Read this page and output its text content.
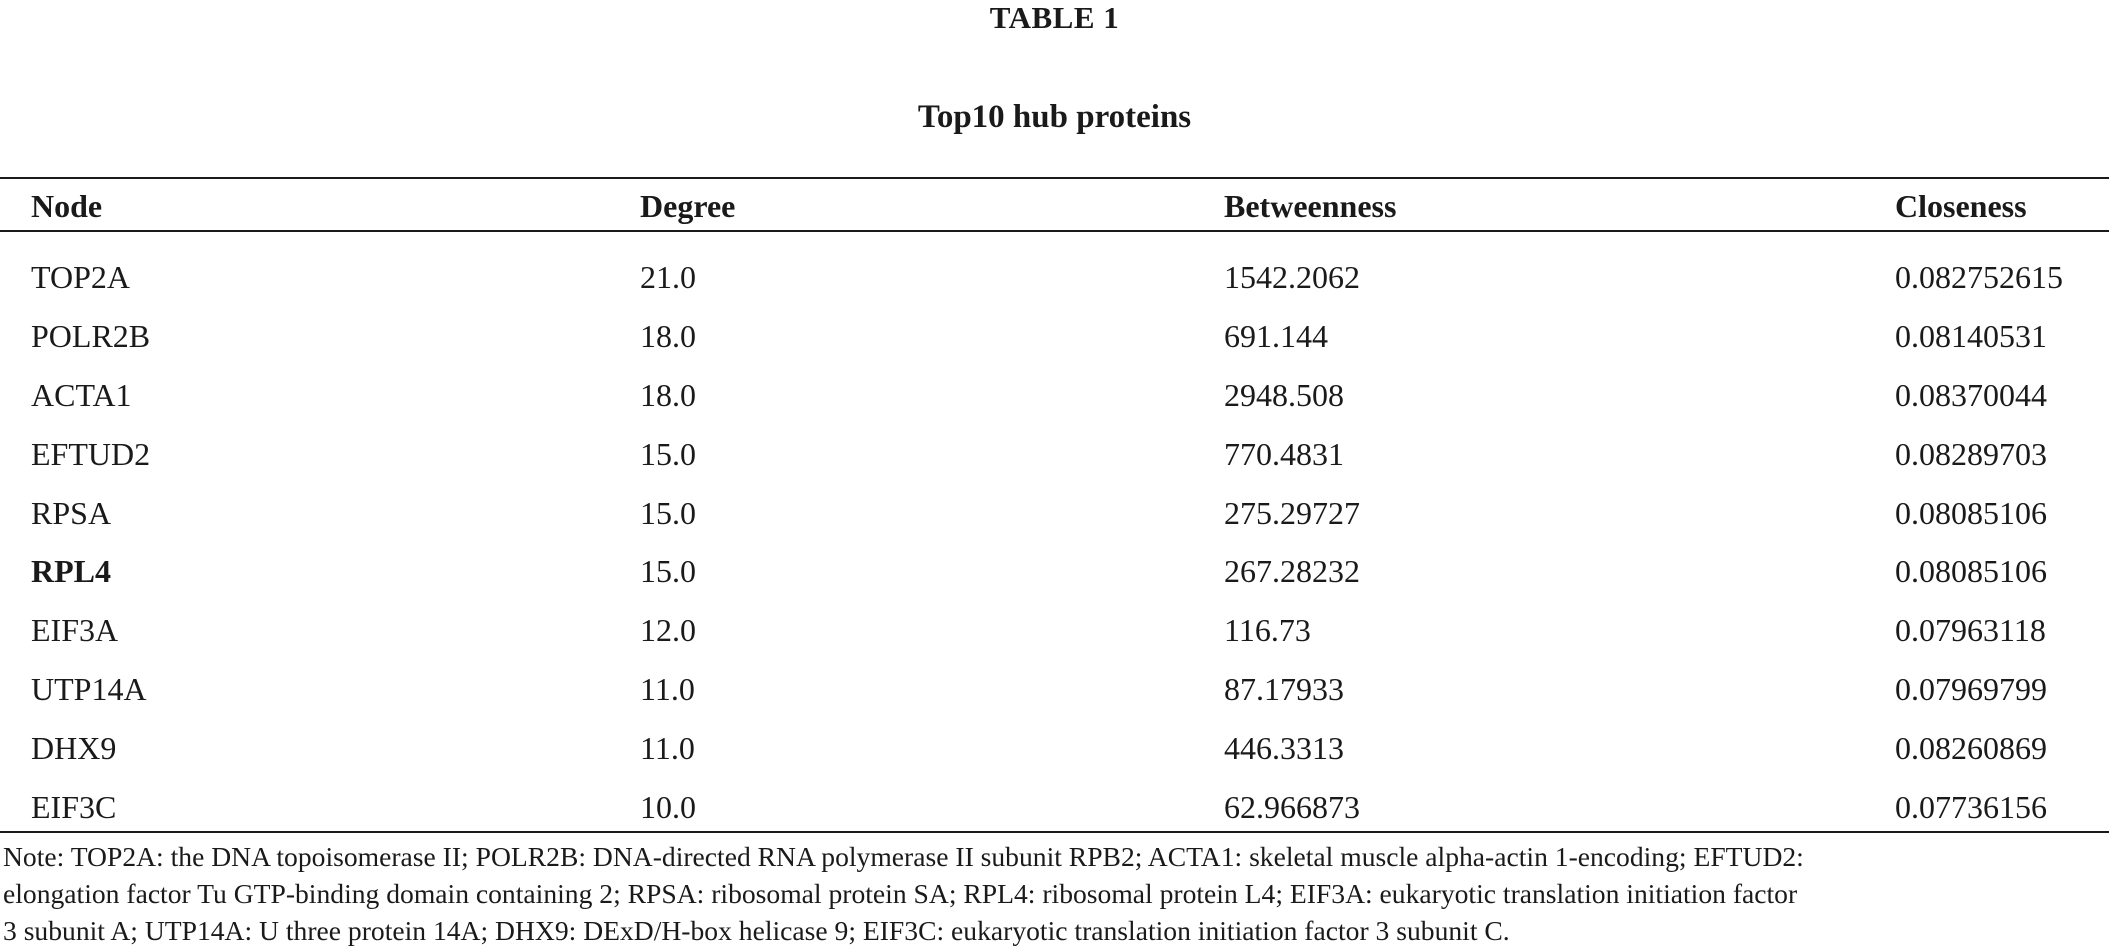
TABLE 1
Top10 hub proteins
Node	Degree	Betweenness	Closeness
TOP2A	21.0	1542.2062	0.082752615
POLR2B	18.0	691.144	0.08140531
ACTA1	18.0	2948.508	0.08370044
EFTUD2	15.0	770.4831	0.08289703
RPSA	15.0	275.29727	0.08085106
RPL4	15.0	267.28232	0.08085106
EIF3A	12.0	116.73	0.07963118
UTP14A	11.0	87.17933	0.07969799
DHX9	11.0	446.3313	0.08260869
EIF3C	10.0	62.966873	0.07736156
Note: TOP2A: the DNA topoisomerase II; POLR2B: DNA-directed RNA polymerase II subunit RPB2; ACTA1: skeletal muscle alpha-actin 1-encoding; EFTUD2:
elongation factor Tu GTP-binding domain containing 2; RPSA: ribosomal protein SA; RPL4: ribosomal protein L4; EIF3A: eukaryotic translation initiation factor
3 subunit A; UTP14A: U three protein 14A; DHX9: DExD/H-box helicase 9; EIF3C: eukaryotic translation initiation factor 3 subunit C.
